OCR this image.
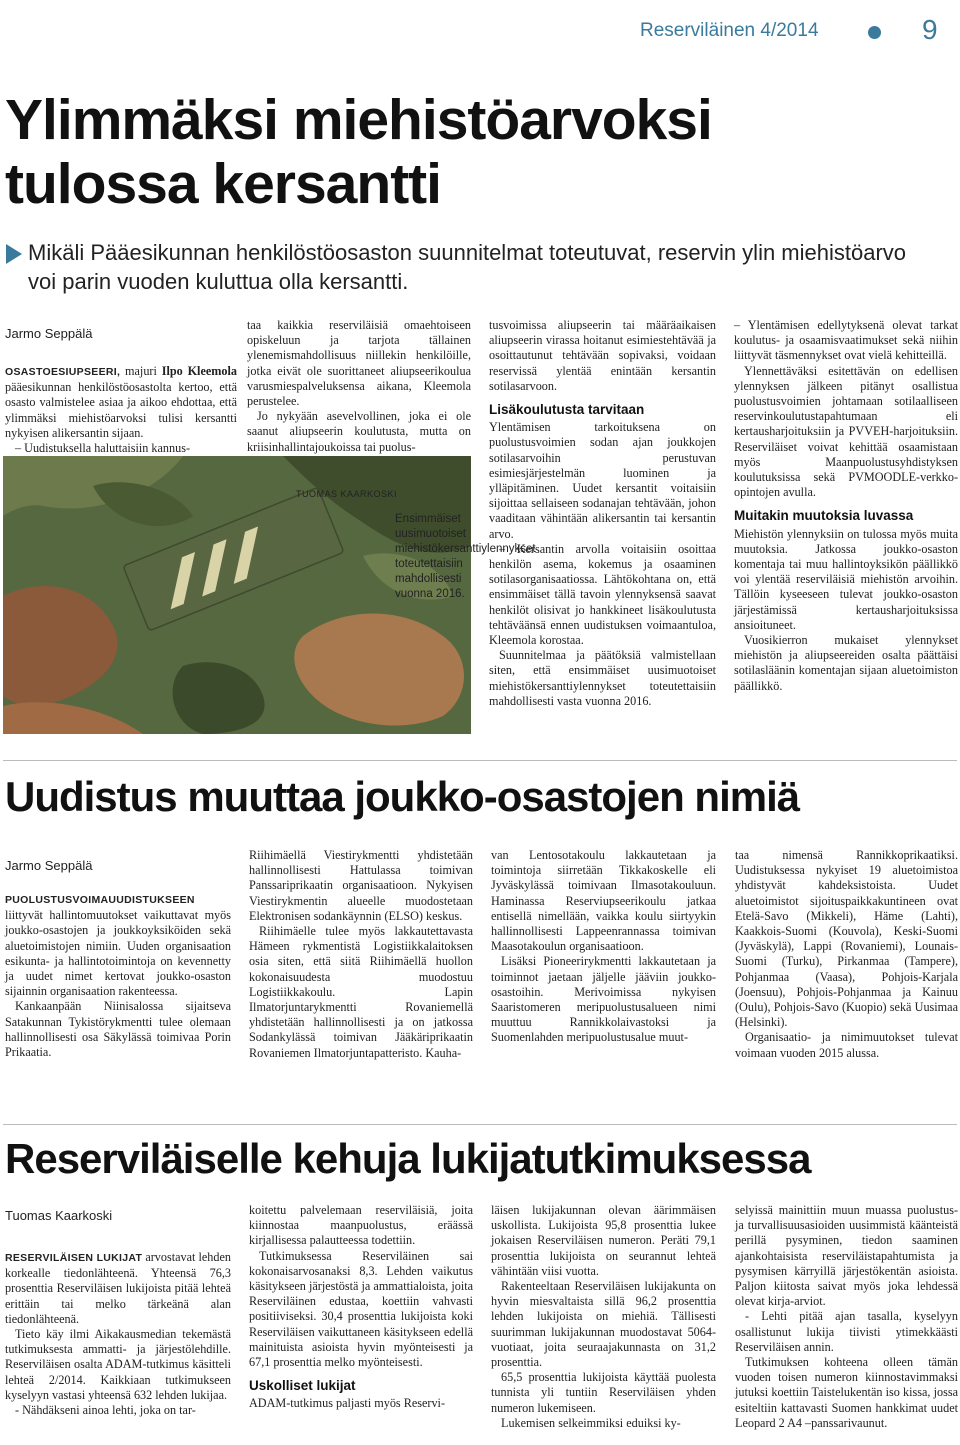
Reserviläinen 4/2014	9
Ylimmäksi miehistöarvoksi tulossa kersantti
Mikäli Pääesikunnan henkilöstöosaston suunnitelmat toteutuvat, reservin ylin miehistöarvo voi parin vuoden kuluttua olla kersantti.
Jarmo Seppälä

OSASTOESIUPSEERI, majuri Ilpo Kleemola pääesikunnan henkilöstöosastolta kertoo, että osasto valmistelee asiaa ja aikoo ehdottaa, että ylimmäksi miehistöarvoksi tulisi kersantti nykyisen alikersantin sijaan.

– Uudistuksella haluttaisiin kannus-

taa kaikkia reserviläisiä omaehtoiseen opiskeluun ja tarjota tällainen ylenemismahdollisuus niillekin henkilöille, jotka eivät ole suorittaneet aliupseerikoulua varusmiespalveluksensa aikana, Kleemola perustelee.

Jo nykyään asevelvollinen, joka ei ole saanut aliupseerin koulutusta, mutta on kriisinhallintajoukoissa tai puolus-

TUOMAS KAARKOSKI
Ensimmäiset uusimuotoiset miehistökersanttiylennykset toteutettaisiin mahdollisesti vuonna 2016.

tusvoimissa aliupseerin tai määräaikaisen aliupseerin virassa hoitanut esimiestehtävää ja osoittautunut tehtävään sopivaksi, voidaan reservissä ylentää enintään kersantin sotilasarvoon.

Lisäkoulutusta tarvitaan

Ylentämisen tarkoituksena on puolustusvoimien sodan ajan joukkojen sotilasarvoihin perustuvan esimiesjärjestelmän luominen ja ylläpitäminen. Uudet kersantit voitaisiin sijoittaa sellaiseen sodanajan tehtävään, johon vaaditaan vähintään alikersantin tai kersantin arvo.

– Kersantin arvolla voitaisiin osoittaa henkilön asema, kokemus ja osaaminen sotilasorganisaatiossa. Lähtökohtana on, että ensimmäiset tällä tavoin ylennyksensä saavat henkilöt olisivat jo hankkineet lisäkoulutusta tehtäväänsä ennen uudistuksen voimaantuloa, Kleemola korostaa.

Suunnitelmaa ja päätöksiä valmistellaan siten, että ensimmäiset uusimuotoiset miehistökersanttiylennykset toteutettaisiin mahdollisesti vasta vuonna 2016.

– Ylentämisen edellytyksenä olevat tarkat koulutus- ja osaamisvaatimukset sekä niihin liittyvät täsmennykset ovat vielä kehitteillä.

Ylennettäväksi esitettävän on edellisen ylennyksen jälkeen pitänyt osallistua puolustusvoimien johtamaan sotilaalliseen reservinkoulutustapahtumaan eli kertausharjoituksiin ja PVVEH-harjoituksiin. Reserviläiset voivat kehittää osaamistaan myös Maanpuolustusyhdistyksen koulutuksissa sekä PVMOODLE-verkko-opintojen avulla.

Muitakin muutoksia luvassa

Miehistön ylennyksiin on tulossa myös muita muutoksia. Jatkossa joukko-osaston komentaja tai muu hallintoyksikön päällikkö voi ylentää reserviläisiä miehistön arvoihin. Tällöin kyseeseen tulevat joukko-osaston järjestämissä kertausharjoituksissa ansioituneet.

Vuosikierron mukaiset ylennykset miehistön ja aliupseereiden osalta päättäisi sotilasläänin komentajan sijaan aluetoimiston päällikkö.

Uudistus muuttaa joukko-osastojen nimiä
Jarmo Seppälä

PUOLUSTUSVOIMAUUDISTUKSEEN liittyvät hallintomuutokset vaikuttavat myös joukko-osastojen ja joukkoyksiköiden sekä aluetoimistojen nimiin. Uuden organisaation esikunta- ja hallintotoimintoja on kevennetty ja uudet nimet kertovat joukko-osaston sijainnin organisaation rakenteessa.

Kankaanpään Niinisalossa sijaitseva Satakunnan Tykistörykmentti tulee olemaan hallinnollisesti osa Säkylässä toimivaa Porin Prikaatia.

Riihimäellä Viestirykmentti yhdistetään hallinnollisesti Hattulassa toimivan Panssariprikaatin organisaatioon. Nykyisen Viestirykmentin alueelle muodostetaan Elektronisen sodankäynnin (ELSO) keskus.

Riihimäelle tulee myös lakkautettavasta Hämeen rykmentistä Logistiikkalaitoksen osia siten, että siitä Riihimäellä huollon kokonaisuudesta muodostuu Logistiikkakoulu. Lapin Ilmatorjuntarykmentti Rovaniemellä yhdistetään hallinnollisesti ja on jatkossa Sodankylässä toimivan Jääkäriprikaatin Rovaniemen Ilmatorjuntapatteristo. Kauha-

van Lentosotakoulu lakkautetaan ja toimintoja siirretään Tikkakoskelle eli Jyväskylässä toimivaan Ilmasotakouluun. Haminassa Reserviupseerikoulu jatkaa entisellä nimellään, vaikka koulu siirtyykin hallinnollisesti Lappeenrannassa toimivan Maasotakoulun organisaatioon.

Lisäksi Pioneerirykmentti lakkautetaan ja toiminnot jaetaan jäljelle jääviin joukko-osastoihin. Merivoimissa nykyisen Saaristomeren meripuolustusalueen nimi muuttuu Rannikkolaivastoksi ja Suomenlahden meripuolustusalue muut-

taa nimensä Rannikkoprikaatiksi. Uudistuksessa nykyiset 19 aluetoimistoa yhdistyvät kahdeksistoista. Uudet aluetoimistot sijoituspaikkakuntineen ovat Etelä-Savo (Mikkeli), Häme (Lahti), Kaakkois-Suomi (Kouvola), Keski-Suomi (Jyväskylä), Lappi (Rovaniemi), Lounais-Suomi (Turku), Pirkanmaa (Tampere), Pohjanmaa (Vaasa), Pohjois-Karjala (Joensuu), Pohjois-Pohjanmaa ja Kainuu (Oulu), Pohjois-Savo (Kuopio) sekä Uusimaa (Helsinki).

Organisaatio- ja nimimuutokset tulevat voimaan vuoden 2015 alussa.

Reserviläiselle kehuja lukijatutkimuksessa
Tuomas Kaarkoski

RESERVILÄISEN LUKIJAT arvostavat lehden korkealle tiedonlähteenä. Yhteensä 76,3 prosenttia Reserviläisen lukijoista pitää lehteä erittäin tai melko tärkeänä alan tiedonlähteenä.

Tieto käy ilmi Aikakausmedian tekemästä tutkimuksesta ammatti- ja järjestölehdille. Reserviläisen osalta ADAM-tutkimus käsitteli lehteä 2/2014. Kaikkiaan tutkimukseen kyselyyn vastasi yhteensä 632 lehden lukijaa.

- Nähdäkseni ainoa lehti, joka on tar-

koitettu palvelemaan reserviläisiä, joita kiinnostaa maanpuolustus, eräässä kirjallisessa palautteessa todettiin.

Tutkimuksessa Reserviläinen sai kokonaisarvosanaksi 8,3. Lehden vaikutus käsitykseen järjestöstä ja ammattialoista, joita Reserviläinen edustaa, koettiin vahvasti positiiviseksi. 30,4 prosenttia lukijoista koki Reserviläisen vaikuttaneen käsitykseen edellä mainituista asioista hyvin myönteisesti ja 67,1 prosenttia melko myönteisesti.

Uskolliset lukijat

ADAM-tutkimus paljasti myös Reservi-

läisen lukijakunnan olevan äärimmäisen uskollista. Lukijoista 95,8 prosenttia lukee jokaisen Reserviläisen numeron. Peräti 79,1 prosenttia lukijoista on seurannut lehteä vähintään viisi vuotta.

Rakenteeltaan Reserviläisen lukijakunta on hyvin miesvaltaista sillä 96,2 prosenttia lehden lukijoista on miehiä. Tällisesti suurimman lukijakunnan muodostavat 5064-vuotiaat, joita seuraajakunnasta on 31,2 prosenttia.

65,5 prosenttia lukijoista käyttää puolesta tunnista yli tuntiin Reserviläisen yhden numeron lukemiseen.

Lukemisen selkeimmiksi eduiksi ky-

selyissä mainittiin muun muassa puolustus- ja turvallisuusasioiden uusimmistä käänteistä perillä pysyminen, tiedon saaminen ajankohtaisista reserviläistapahtumista ja pysymisen kärryillä järjestökentän asioista. Paljon kiitosta saivat myös joka lehdessä olevat kirja-arviot.

- Lehti pitää ajan tasalla, kyselyyn osallistunut lukija tiivisti ytimekkäästi Reserviläisen annin.

Tutkimuksen kohteena olleen tämän vuoden toisen numeron kiinnostavimmaksi jutuksi koettiin Taistelukentän iso kissa, jossa esiteltiin kattavasti Suomen hankkimat uudet Leopard 2 A4 –panssarivaunut.
